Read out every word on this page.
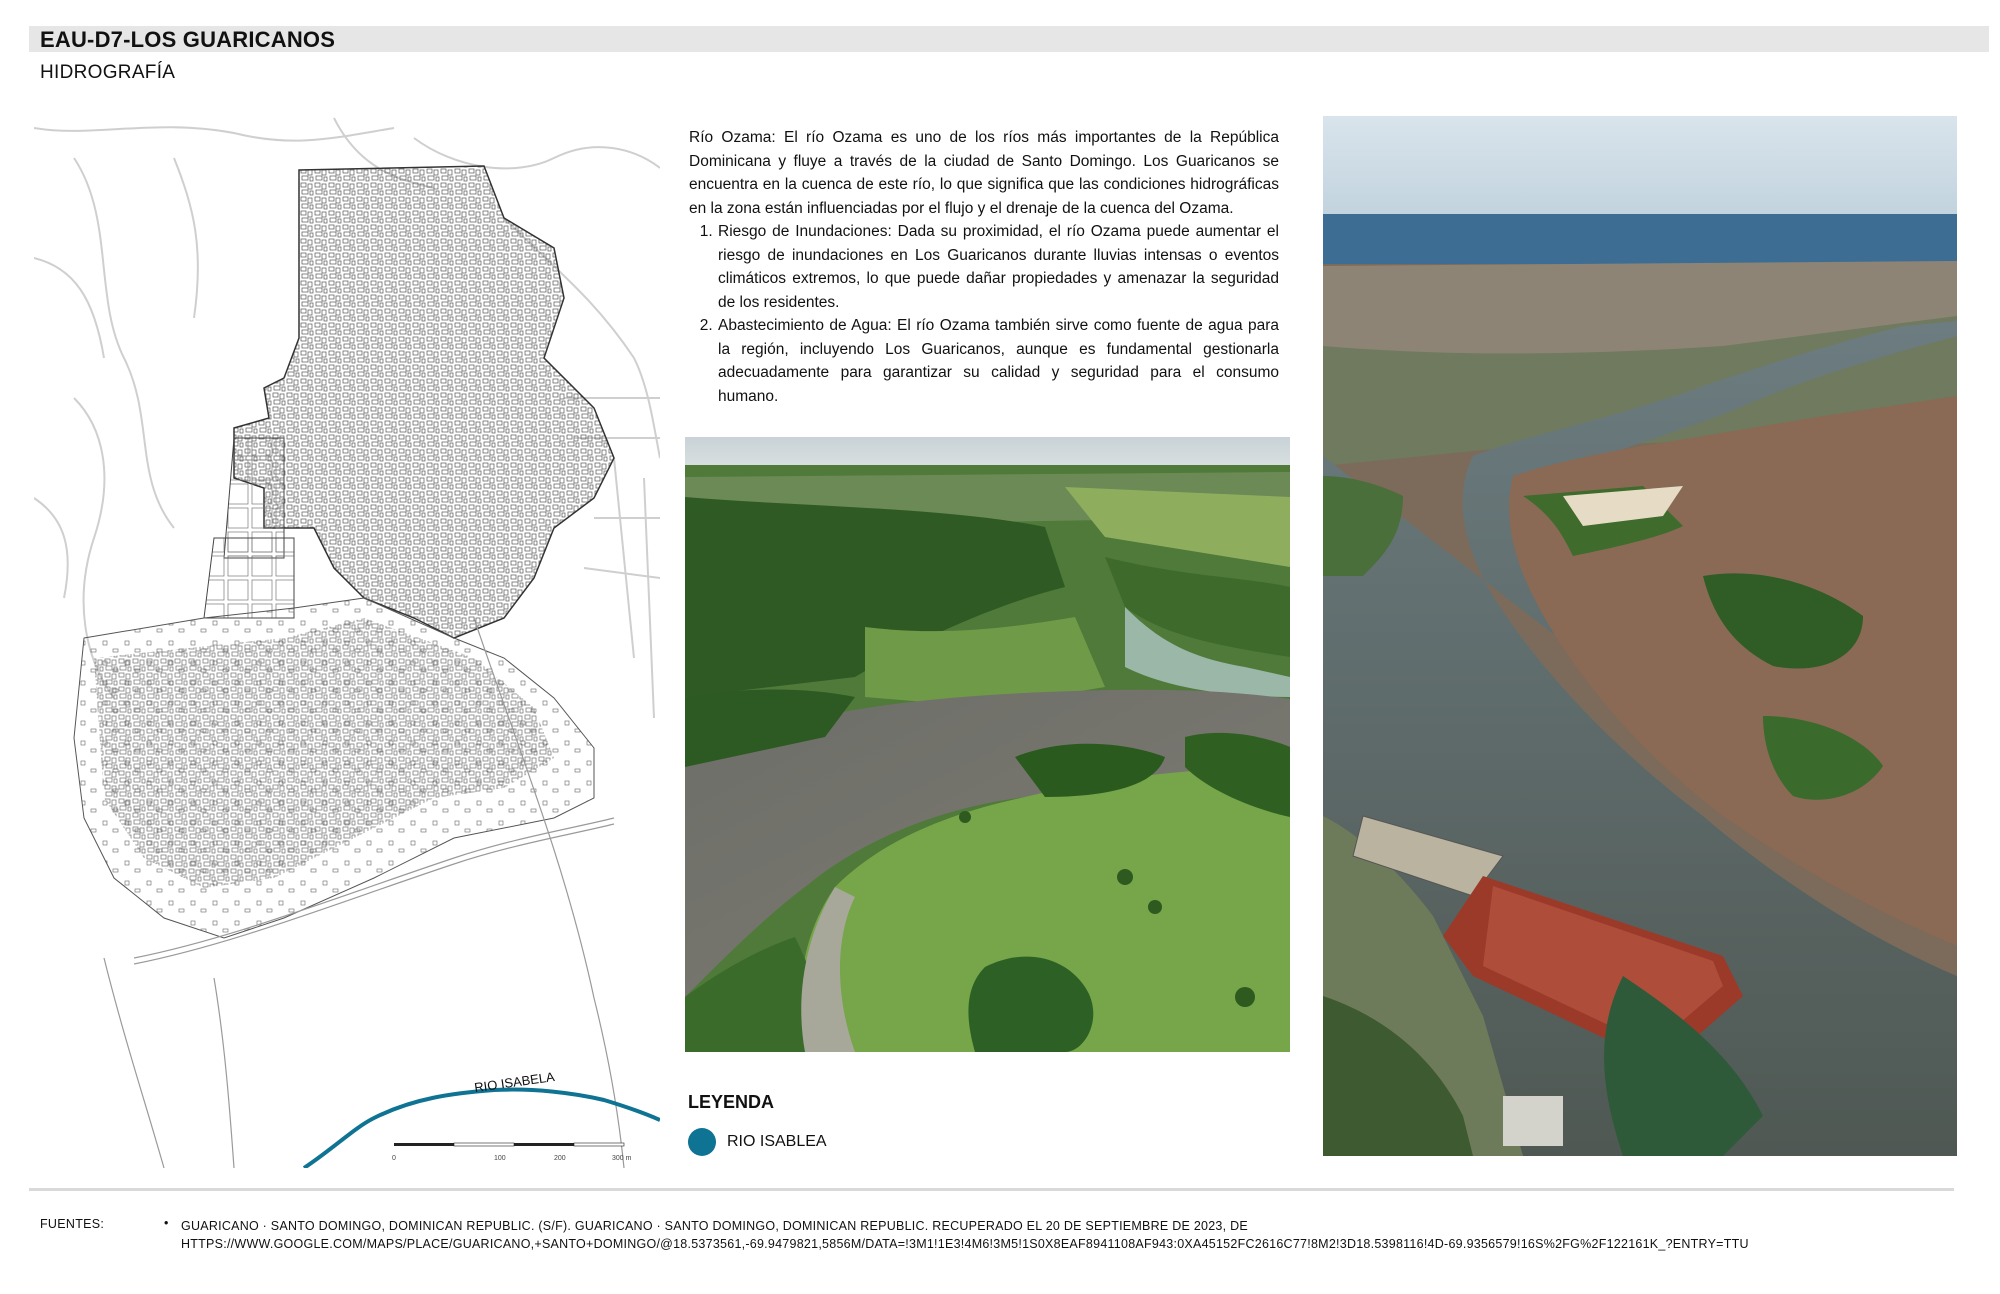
EAU-D7-LOS GUARICANOS
HIDROGRAFÍA
0	100	200	300 m
RIO ISABELA

Río Ozama: El río Ozama es uno de los ríos más importantes de la República Dominicana y fluye a través de la ciudad de Santo Domingo. Los Guaricanos se encuentra en la cuenca de este río, lo que significa que las condiciones hidrográficas en la zona están influenciadas por el flujo y el drenaje de la cuenca del Ozama.

1. Riesgo de Inundaciones: Dada su proximidad, el río Ozama puede aumentar el riesgo de inundaciones en Los Guaricanos durante lluvias intensas o eventos climáticos extremos, lo que puede dañar propiedades y amenazar la seguridad de los residentes.
2. Abastecimiento de Agua: El río Ozama también sirve como fuente de agua para la región, incluyendo Los Guaricanos, aunque es fundamental gestionarla adecuadamente para garantizar su calidad y seguridad para el consumo humano.
LEYENDA
RIO ISABLEA
FUENTES:	• GUARICANO · SANTO DOMINGO, DOMINICAN REPUBLIC. (S/F). GUARICANO · SANTO DOMINGO, DOMINICAN REPUBLIC. RECUPERADO EL 20 DE SEPTIEMBRE DE 2023, DE
HTTPS://WWW.GOOGLE.COM/MAPS/PLACE/GUARICANO,+SANTO+DOMINGO/@18.5373561,-69.9479821,5856M/DATA=!3M1!1E3!4M6!3M5!1S0X8EAF8941108AF943:0XA45152FC2616C77!8M2!3D18.5398116!4D-69.9356579!16S%2FG%2F122161K_?ENTRY=TTU
